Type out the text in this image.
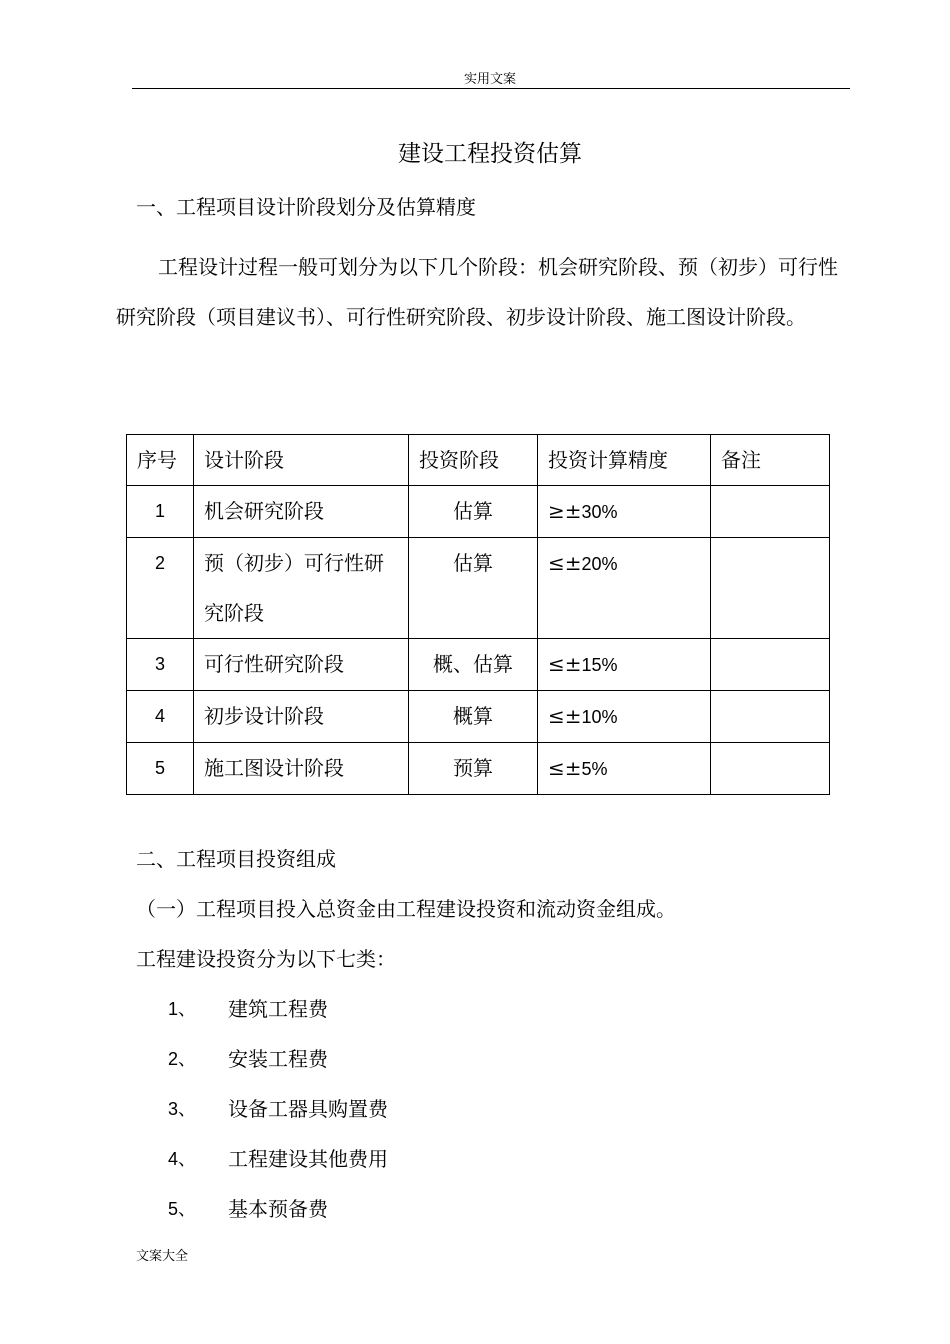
实用文案
建设工程投资估算
一、工程项目设计阶段划分及估算精度
工程设计过程一般可划分为以下几个阶段：机会研究阶段、预（初步）可行性研究阶段（项目建议书）、可行性研究阶段、初步设计阶段、施工图设计阶段。
序号	设计阶段	投资阶段	投资计算精度	备注
1	机会研究阶段	估算	≥±30%	
2	预（初步）可行性研究阶段	估算	≤±20%	
3	可行性研究阶段	概、估算	≤±15%	
4	初步设计阶段	概算	≤±10%	
5	施工图设计阶段	预算	≤±5%	
二、工程项目投资组成
（一）工程项目投入总资金由工程建设投资和流动资金组成。
工程建设投资分为以下七类：
1、 建筑工程费
2、 安装工程费
3、 设备工器具购置费
4、 工程建设其他费用
5、 基本预备费
文案大全
